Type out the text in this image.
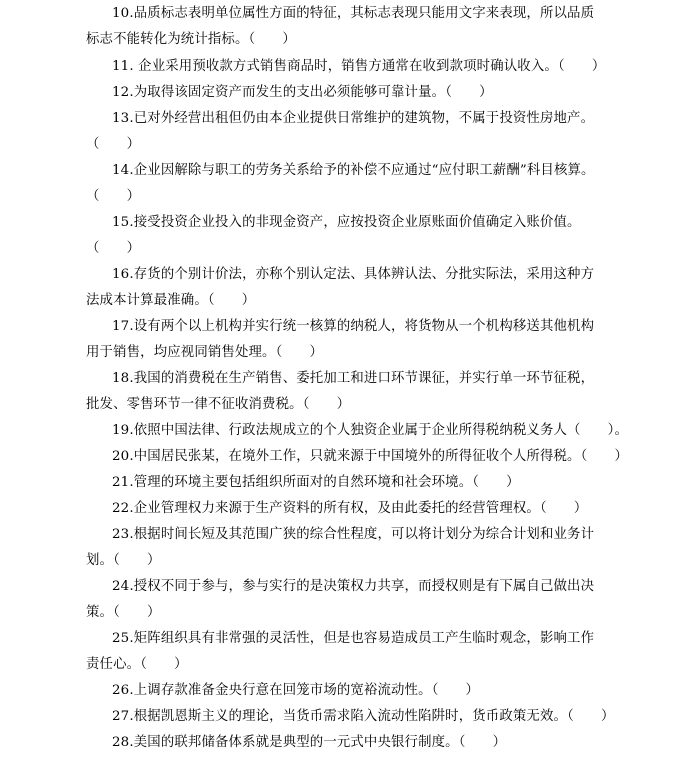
10.品质标志表明单位属性方面的特征，其标志表现只能用文字来表现，所以品质
标志不能转化为统计指标。（　　）
11. 企业采用预收款方式销售商品时，销售方通常在收到款项时确认收入。（　　）
12.为取得该固定资产而发生的支出必须能够可靠计量。（　　）
13.已对外经营出租但仍由本企业提供日常维护的建筑物，不属于投资性房地产。
（　　）
14.企业因解除与职工的劳务关系给予的补偿不应通过“应付职工薪酬”科目核算。
（　　）
15.接受投资企业投入的非现金资产，应按投资企业原账面价值确定入账价值。
（　　）
16.存货的个别计价法，亦称个别认定法、具体辨认法、分批实际法，采用这种方
法成本计算最准确。（　　）
17.设有两个以上机构并实行统一核算的纳税人，将货物从一个机构移送其他机构
用于销售，均应视同销售处理。（　　）
18.我国的消费税在生产销售、委托加工和进口环节课征，并实行单一环节征税，
批发、零售环节一律不征收消费税。（　　）
19.依照中国法律、行政法规成立的个人独资企业属于企业所得税纳税义务人（　　）。
20.中国居民张某，在境外工作，只就来源于中国境外的所得征收个人所得税。（　　）
21.管理的环境主要包括组织所面对的自然环境和社会环境。（　　）
22.企业管理权力来源于生产资料的所有权，及由此委托的经营管理权。（　　）
23.根据时间长短及其范围广狭的综合性程度，可以将计划分为综合计划和业务计
划。（　　）
24.授权不同于参与，参与实行的是决策权力共享，而授权则是有下属自己做出决
策。（　　）
25.矩阵组织具有非常强的灵活性，但是也容易造成员工产生临时观念，影响工作
责任心。（　　）
26.上调存款准备金央行意在回笼市场的宽裕流动性。（　　）
27.根据凯恩斯主义的理论，当货币需求陷入流动性陷阱时，货币政策无效。（　　）
28.美国的联邦储备体系就是典型的一元式中央银行制度。（　　）
